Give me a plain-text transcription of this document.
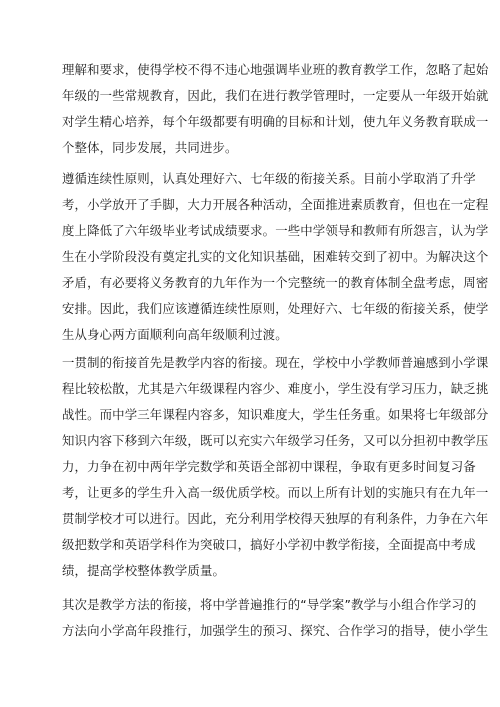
理解和要求，使得学校不得不违心地强调毕业班的教育教学工作，忽略了起始
年级的一些常规教育，因此，我们在进行教学管理时，一定要从一年级开始就
对学生精心培养，每个年级都要有明确的目标和计划，使九年义务教育联成一
个整体，同步发展，共同进步。
遵循连续性原则，认真处理好六、七年级的衔接关系。目前小学取消了升学
考，小学放开了手脚，大力开展各种活动，全面推进素质教育，但也在一定程
度上降低了六年级毕业考试成绩要求。一些中学领导和教师有所怨言，认为学
生在小学阶段没有奠定扎实的文化知识基础，困难转交到了初中。为解决这个
矛盾，有必要将义务教育的九年作为一个完整统一的教育体制全盘考虑，周密
安排。因此，我们应该遵循连续性原则，处理好六、七年级的衔接关系，使学
生从身心两方面顺利向高年级顺利过渡。
一贯制的衔接首先是教学内容的衔接。现在，学校中小学教师普遍感到小学课
程比较松散，尤其是六年级课程内容少、难度小，学生没有学习压力，缺乏挑
战性。而中学三年课程内容多，知识难度大，学生任务重。如果将七年级部分
知识内容下移到六年级，既可以充实六年级学习任务，又可以分担初中教学压
力，力争在初中两年学完数学和英语全部初中课程，争取有更多时间复习备
考，让更多的学生升入高一级优质学校。而以上所有计划的实施只有在九年一
贯制学校才可以进行。因此，充分利用学校得天独厚的有利条件，力争在六年
级把数学和英语学科作为突破口，搞好小学初中教学衔接，全面提高中考成
绩，提高学校整体教学质量。
其次是教学方法的衔接，将中学普遍推行的“导学案”教学与小组合作学习的
方法向小学高年段推行，加强学生的预习、探究、合作学习的指导，使小学生
